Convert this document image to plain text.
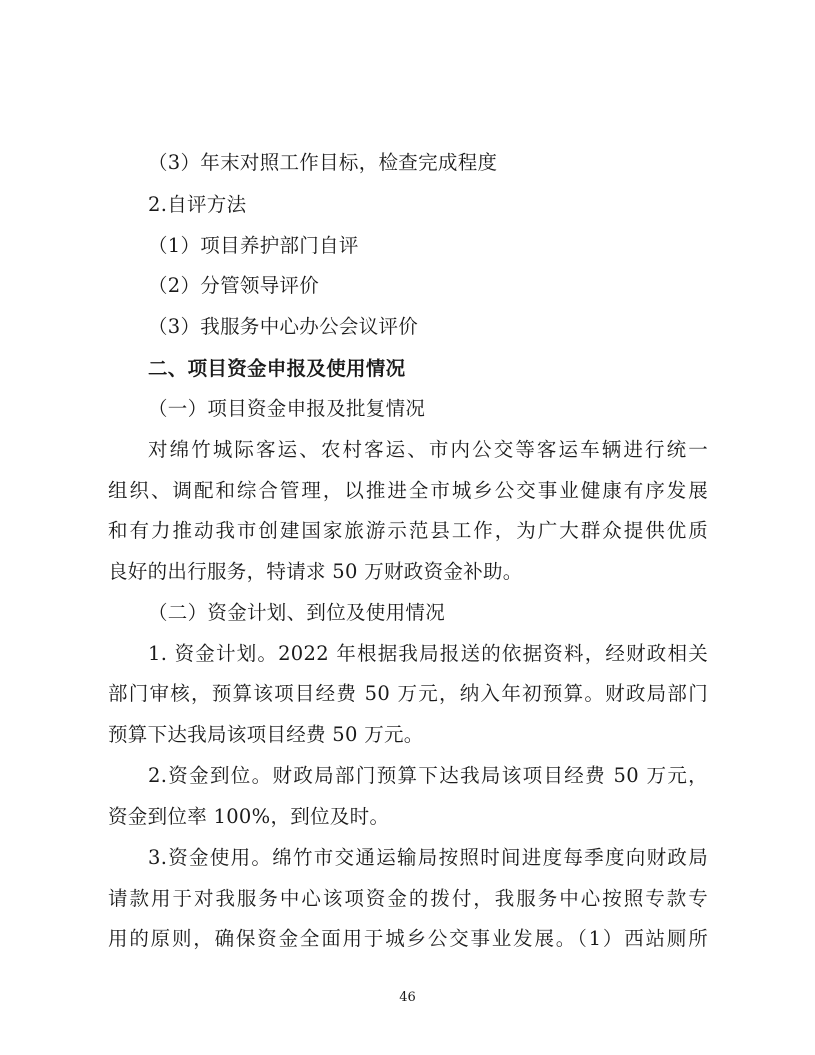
（3）年末对照工作目标，检查完成程度
2.自评方法
（1）项目养护部门自评
（2）分管领导评价
（3）我服务中心办公会议评价
二、项目资金申报及使用情况
（一）项目资金申报及批复情况
对绵竹城际客运、农村客运、市内公交等客运车辆进行统一
组织、调配和综合管理，以推进全市城乡公交事业健康有序发展
和有力推动我市创建国家旅游示范县工作，为广大群众提供优质
良好的出行服务，特请求 50 万财政资金补助。
（二）资金计划、到位及使用情况
1. 资金计划。2022 年根据我局报送的依据资料，经财政相关
部门审核，预算该项目经费 50 万元，纳入年初预算。财政局部门
预算下达我局该项目经费 50 万元。
2.资金到位。财政局部门预算下达我局该项目经费 50 万元，
资金到位率 100%，到位及时。
3.资金使用。绵竹市交通运输局按照时间进度每季度向财政局
请款用于对我服务中心该项资金的拨付，我服务中心按照专款专
用的原则，确保资金全面用于城乡公交事业发展。（1）西站厕所
46
